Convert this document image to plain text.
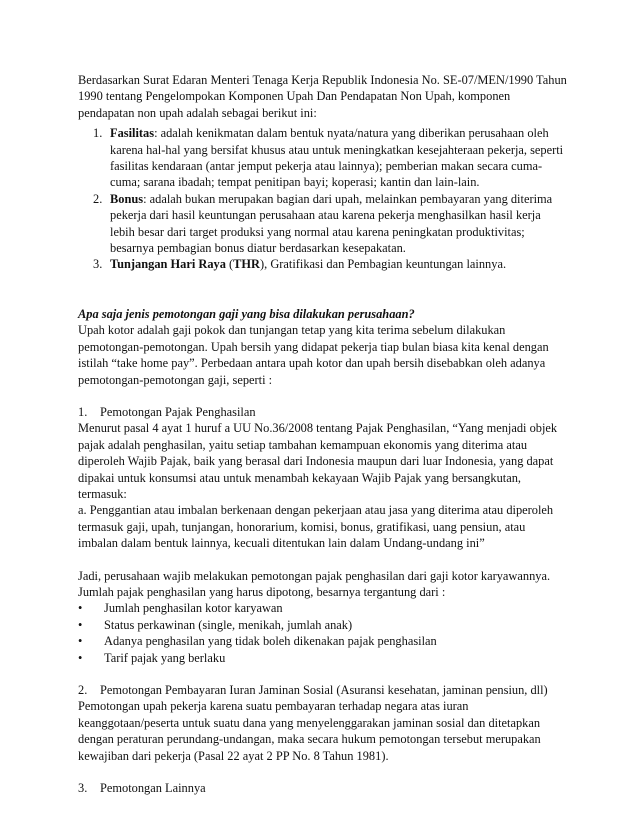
Berdasarkan Surat Edaran Menteri Tenaga Kerja Republik Indonesia No. SE-07/MEN/1990 Tahun 1990 tentang Pengelompokan Komponen Upah Dan Pendapatan Non Upah, komponen pendapatan non upah adalah sebagai berikut ini:

1. Fasilitas: adalah kenikmatan dalam bentuk nyata/natura yang diberikan perusahaan oleh karena hal-hal yang bersifat khusus atau untuk meningkatkan kesejahteraan pekerja, seperti fasilitas kendaraan (antar jemput pekerja atau lainnya); pemberian makan secara cuma-cuma; sarana ibadah; tempat penitipan bayi; koperasi; kantin dan lain-lain.
2. Bonus: adalah bukan merupakan bagian dari upah, melainkan pembayaran yang diterima pekerja dari hasil keuntungan perusahaan atau karena pekerja menghasilkan hasil kerja lebih besar dari target produksi yang normal atau karena peningkatan produktivitas; besarnya pembagian bonus diatur berdasarkan kesepakatan.
3. Tunjangan Hari Raya (THR), Gratifikasi dan Pembagian keuntungan lainnya.

Apa saja jenis pemotongan gaji yang bisa dilakukan perusahaan?

Upah kotor adalah gaji pokok dan tunjangan tetap yang kita terima sebelum dilakukan pemotongan-pemotongan. Upah bersih yang didapat pekerja tiap bulan biasa kita kenal dengan istilah “take home pay”. Perbedaan antara upah kotor dan upah bersih disebabkan oleh adanya pemotongan-pemotongan gaji, seperti :

1. Pemotongan Pajak Penghasilan

Menurut pasal 4 ayat 1 huruf a UU No.36/2008 tentang Pajak Penghasilan, “Yang menjadi objek pajak adalah penghasilan, yaitu setiap tambahan kemampuan ekonomis yang diterima atau diperoleh Wajib Pajak, baik yang berasal dari Indonesia maupun dari luar Indonesia, yang dapat dipakai untuk konsumsi atau untuk menambah kekayaan Wajib Pajak yang bersangkutan, termasuk:

a. Penggantian atau imbalan berkenaan dengan pekerjaan atau jasa yang diterima atau diperoleh termasuk gaji, upah, tunjangan, honorarium, komisi, bonus, gratifikasi, uang pensiun, atau imbalan dalam bentuk lainnya, kecuali ditentukan lain dalam Undang-undang ini”

Jadi, perusahaan wajib melakukan pemotongan pajak penghasilan dari gaji kotor karyawannya. Jumlah pajak penghasilan yang harus dipotong, besarnya tergantung dari :

• Jumlah penghasilan kotor karyawan
• Status perkawinan (single, menikah, jumlah anak)
• Adanya penghasilan yang tidak boleh dikenakan pajak penghasilan
• Tarif pajak yang berlaku

2. Pemotongan Pembayaran Iuran Jaminan Sosial (Asuransi kesehatan, jaminan pensiun, dll)

Pemotongan upah pekerja karena suatu pembayaran terhadap negara atas iuran keanggotaan/peserta untuk suatu dana yang menyelenggarakan jaminan sosial dan ditetapkan dengan peraturan perundang-undangan, maka secara hukum pemotongan tersebut merupakan kewajiban dari pekerja (Pasal 22 ayat 2 PP No. 8 Tahun 1981).

3. Pemotongan Lainnya
